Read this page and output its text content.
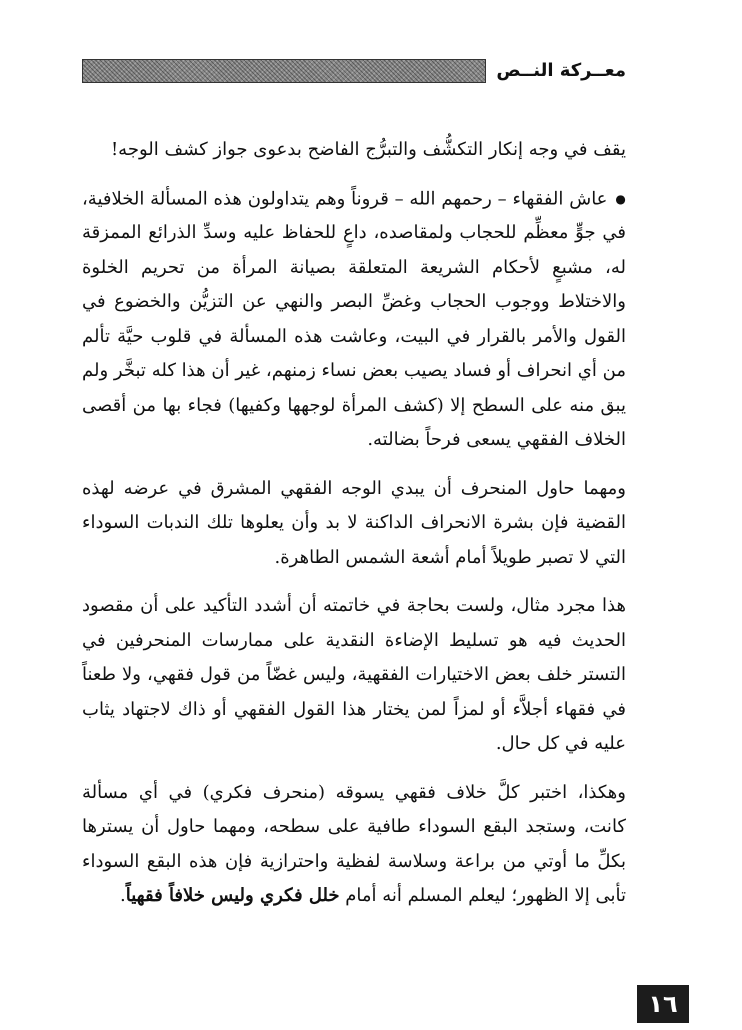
معــركة النــص

يقف في وجه إنكار التكشُّف والتبرُّج الفاضح بدعوى جواز كشف الوجه!

●عاش الفقهاء – رحمهم الله – قروناً وهم يتداولون هذه المسألة الخلافية، في جوٍّ معظِّم للحجاب ولمقاصده، داعٍ للحفاظ عليه وسدِّ الذرائع الممزقة له، مشبعٍ لأحكام الشريعة المتعلقة بصيانة المرأة من تحريم الخلوة والاختلاط ووجوب الحجاب وغضِّ البصر والنهي عن التزيُّن والخضوع في القول والأمر بالقرار في البيت، وعاشت هذه المسألة في قلوب حيَّة تألم من أي انحراف أو فساد يصيب بعض نساء زمنهم، غير أن هذا كله تبخَّر ولم يبق منه على السطح إلا (كشف المرأة لوجهها وكفيها) فجاء بها من أقصى الخلاف الفقهي يسعى فرحاً بضالته.

ومهما حاول المنحرف أن يبدي الوجه الفقهي المشرق في عرضه لهذه القضية فإن بشرة الانحراف الداكنة لا بد وأن يعلوها تلك الندبات السوداء التي لا تصبر طويلاً أمام أشعة الشمس الطاهرة.

هذا مجرد مثال، ولست بحاجة في خاتمته أن أشدد التأكيد على أن مقصود الحديث فيه هو تسليط الإضاءة النقدية على ممارسات المنحرفين في التستر خلف بعض الاختيارات الفقهية، وليس غضّاً من قول فقهي، ولا طعناً في فقهاء أجلاَّء أو لمزاً لمن يختار هذا القول الفقهي أو ذاك لاجتهاد يثاب عليه في كل حال.

وهكذا، اختبر كلَّ خلاف فقهي يسوقه (منحرف فكري) في أي مسألة كانت، وستجد البقع السوداء طافية على سطحه، ومهما حاول أن يسترها بكلِّ ما أوتي من براعة وسلاسة لفظية واحترازية فإن هذه البقع السوداء تأبى إلا الظهور؛ ليعلم المسلم أنه أمام خلل فكري وليس خلافاً فقهياً.

١٦
